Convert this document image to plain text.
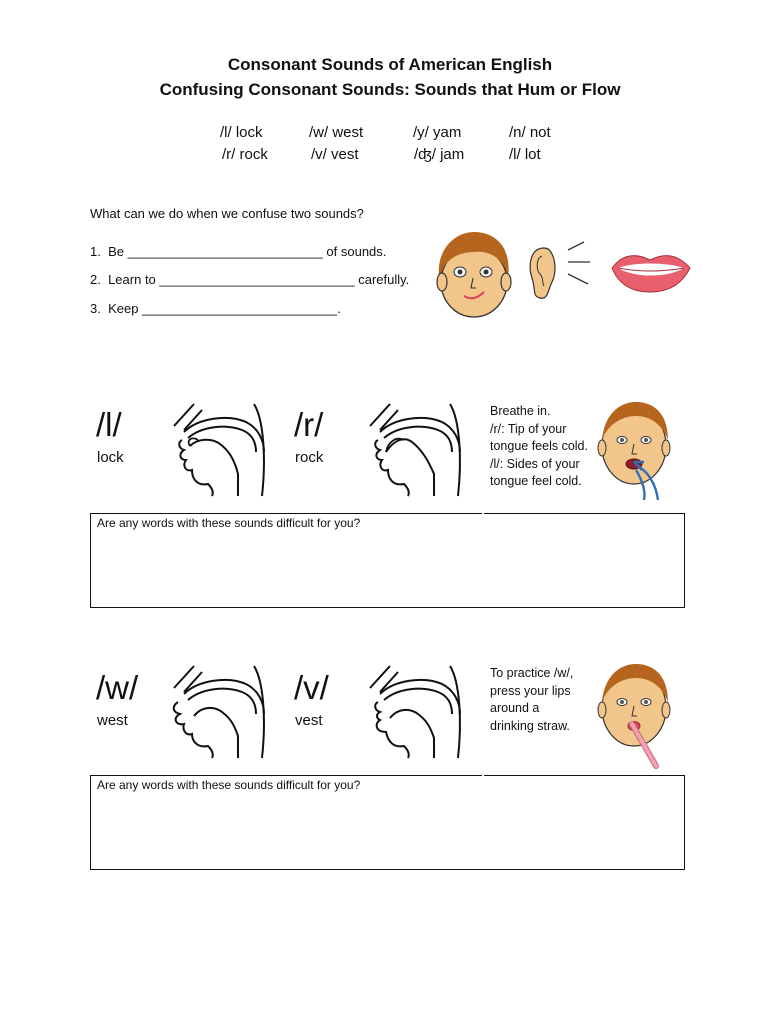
Consonant Sounds of American English
Confusing Consonant Sounds: Sounds that Hum or Flow
/l/ lock	/w/ west	/y/ yam	/n/ not
/r/ rock	/v/ vest	/ʤ/ jam	/l/ lot
What can we do when we confuse two sounds?
1. Be ___________________________ of sounds.
2. Learn to ___________________________ carefully.
3. Keep ___________________________.
/l/
lock
/r/
rock
Breathe in.
/r/: Tip of your
tongue feels cold.
/l/: Sides of your
tongue feel cold.
Are any words with these sounds difficult for you?
/w/
west
/v/
vest
To practice /w/,
press your lips
around a
drinking straw.
Are any words with these sounds difficult for you?
